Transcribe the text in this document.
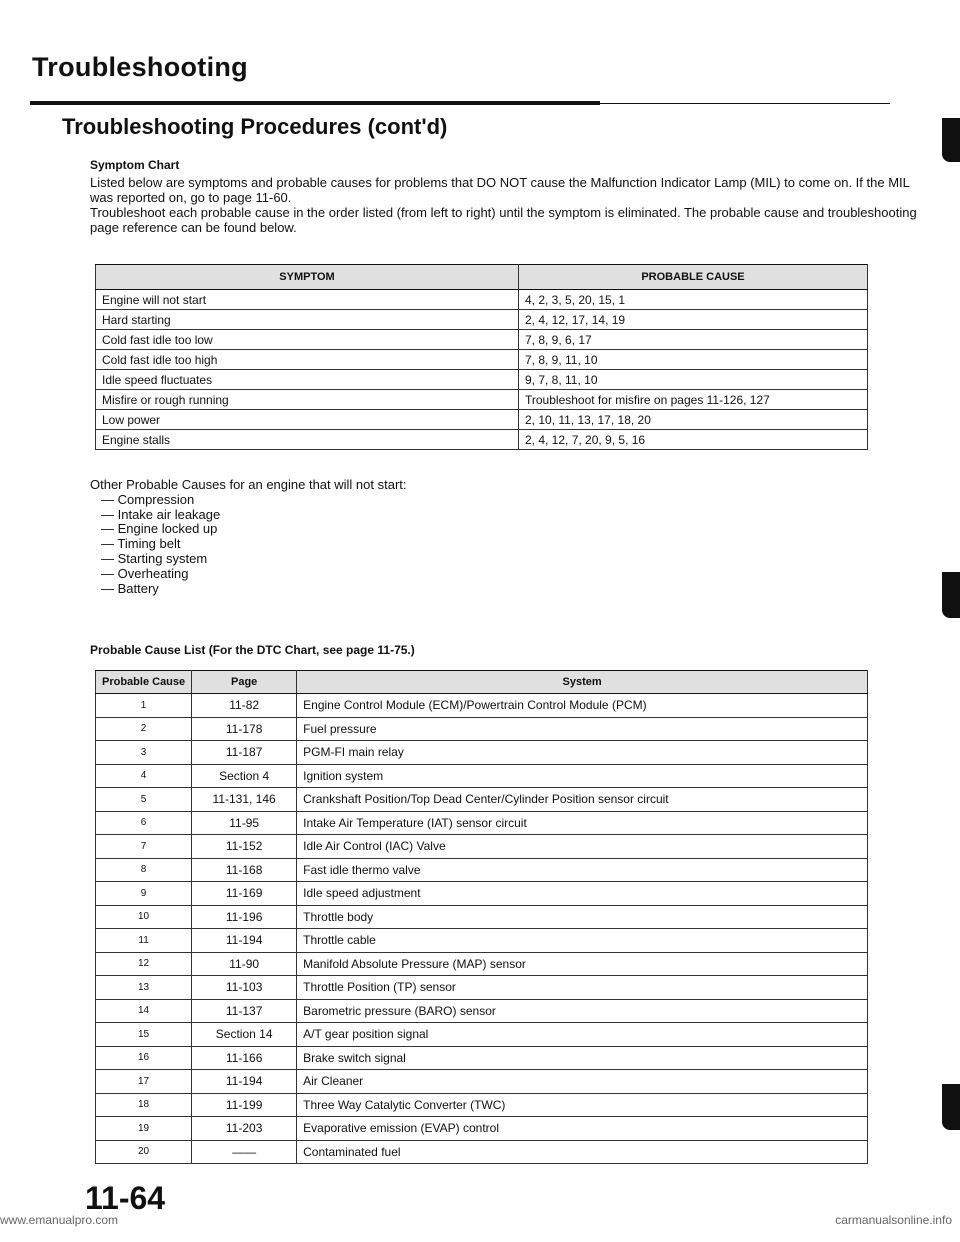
Troubleshooting
Troubleshooting Procedures (cont'd)
Symptom Chart

Listed below are symptoms and probable causes for problems that DO NOT cause the Malfunction Indicator Lamp (MIL) to come on. If the MIL was reported on, go to page 11-60.

Troubleshoot each probable cause in the order listed (from left to right) until the symptom is eliminated. The probable cause and troubleshooting page reference can be found below.

SYMPTOM	PROBABLE CAUSE
Engine will not start	4, 2, 3, 5, 20, 15, 1
Hard starting	2, 4, 12, 17, 14, 19
Cold fast idle too low	7, 8, 9, 6, 17
Cold fast idle too high	7, 8, 9, 11, 10
Idle speed fluctuates	9, 7, 8, 11, 10
Misfire or rough running	Troubleshoot for misfire on pages 11-126, 127
Low power	2, 10, 11, 13, 17, 18, 20
Engine stalls	2, 4, 12, 7, 20, 9, 5, 16

Other Probable Causes for an engine that will not start:

— Compression
— Intake air leakage
— Engine locked up
— Timing belt
— Starting system
— Overheating
— Battery

Probable Cause List (For the DTC Chart, see page 11-75.)

Probable Cause	Page	System
1	11-82	Engine Control Module (ECM)/Powertrain Control Module (PCM)
2	11-178	Fuel pressure
3	11-187	PGM-FI main relay
4	Section 4	Ignition system
5	11-131, 146	Crankshaft Position/Top Dead Center/Cylinder Position sensor circuit
6	11-95	Intake Air Temperature (IAT) sensor circuit
7	11-152	Idle Air Control (IAC) Valve
8	11-168	Fast idle thermo valve
9	11-169	Idle speed adjustment
10	11-196	Throttle body
11	11-194	Throttle cable
12	11-90	Manifold Absolute Pressure (MAP) sensor
13	11-103	Throttle Position (TP) sensor
14	11-137	Barometric pressure (BARO) sensor
15	Section 14	A/T gear position signal
16	11-166	Brake switch signal
17	11-194	Air Cleaner
18	11-199	Three Way Catalytic Converter (TWC)
19	11-203	Evaporative emission (EVAP) control
20	——	Contaminated fuel

11-64

www.emanualpro.com	carmanualsonline.info
